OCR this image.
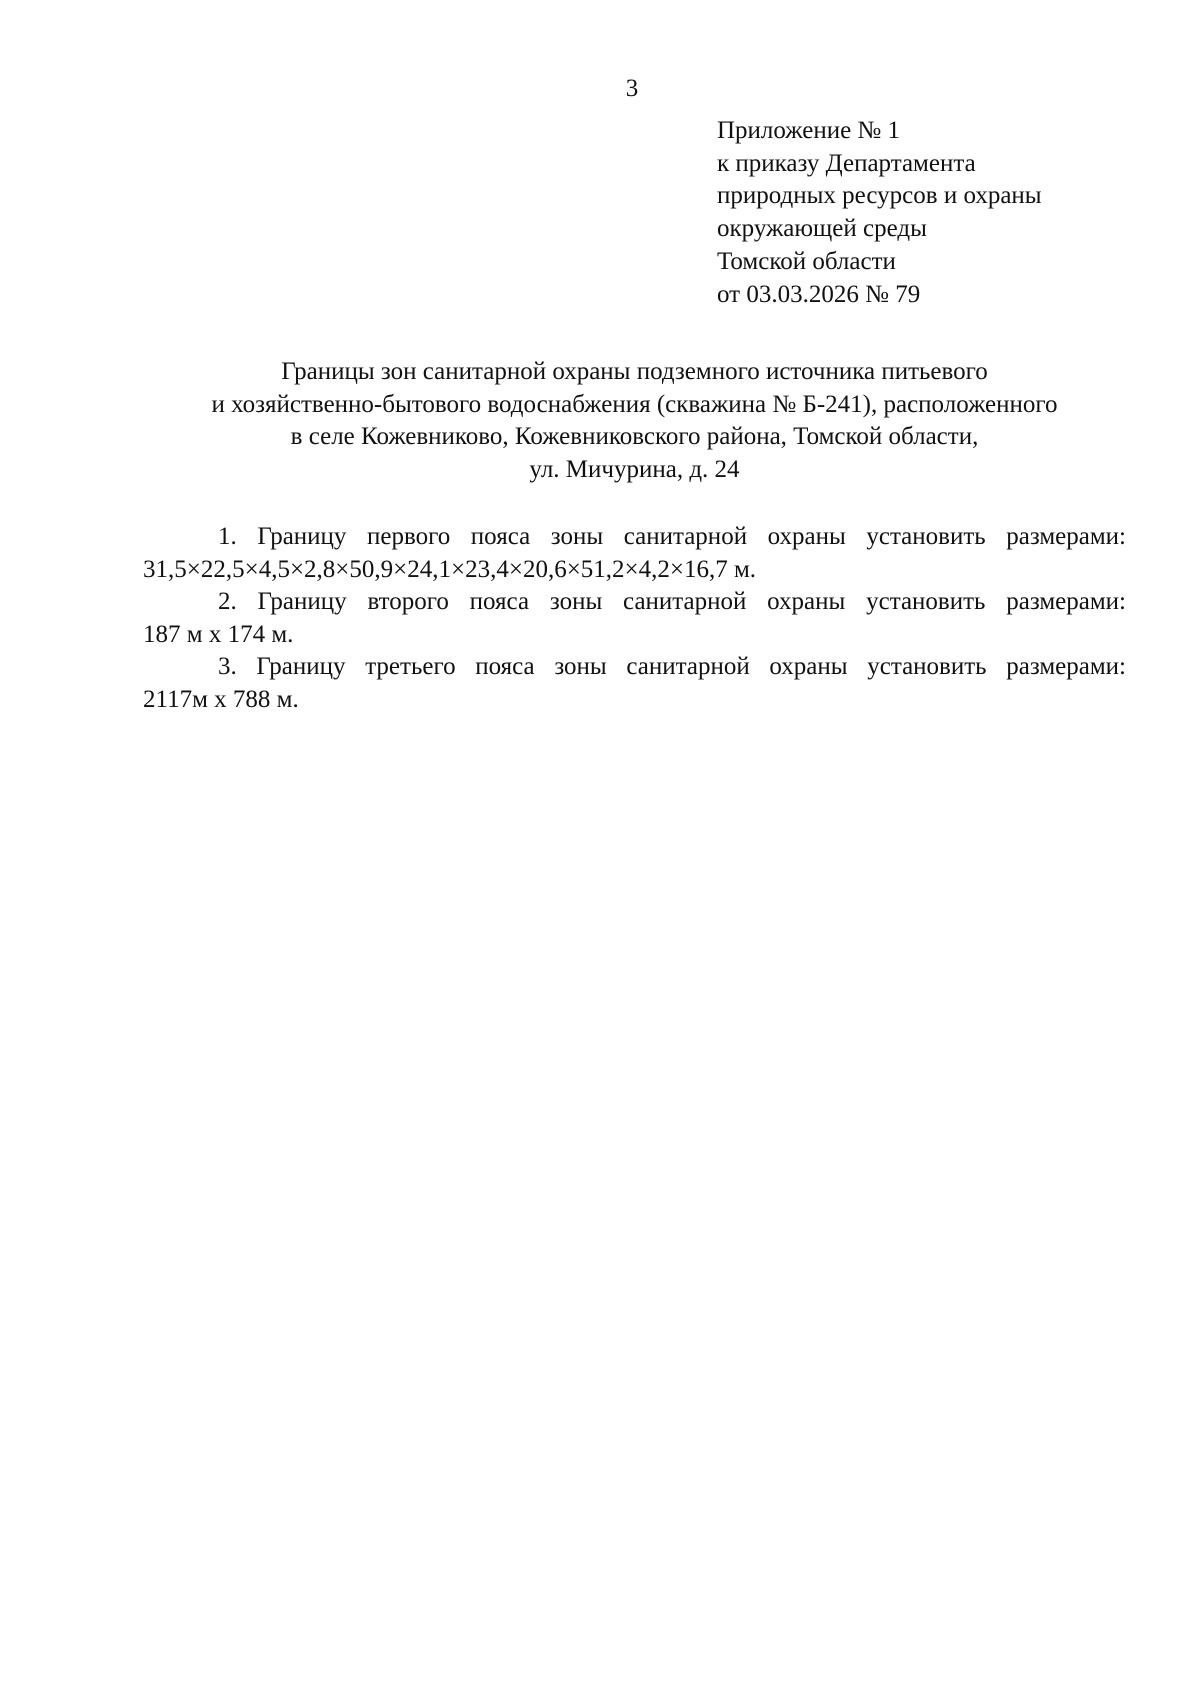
3
Приложение № 1
к приказу Департамента
природных ресурсов и охраны
окружающей среды
Томской области
от 03.03.2026 № 79
Границы зон санитарной охраны подземного источника питьевого
и хозяйственно-бытового водоснабжения (скважина № Б-241), расположенного
в селе Кожевниково, Кожевниковского района, Томской области,
ул. Мичурина, д. 24
1. Границу первого пояса зоны санитарной охраны установить размерами:
31,5×22,5×4,5×2,8×50,9×24,1×23,4×20,6×51,2×4,2×16,7 м.
2. Границу второго пояса зоны санитарной охраны установить размерами:
187 м х 174 м.
3. Границу третьего пояса зоны санитарной охраны установить размерами:
2117м х 788 м.
